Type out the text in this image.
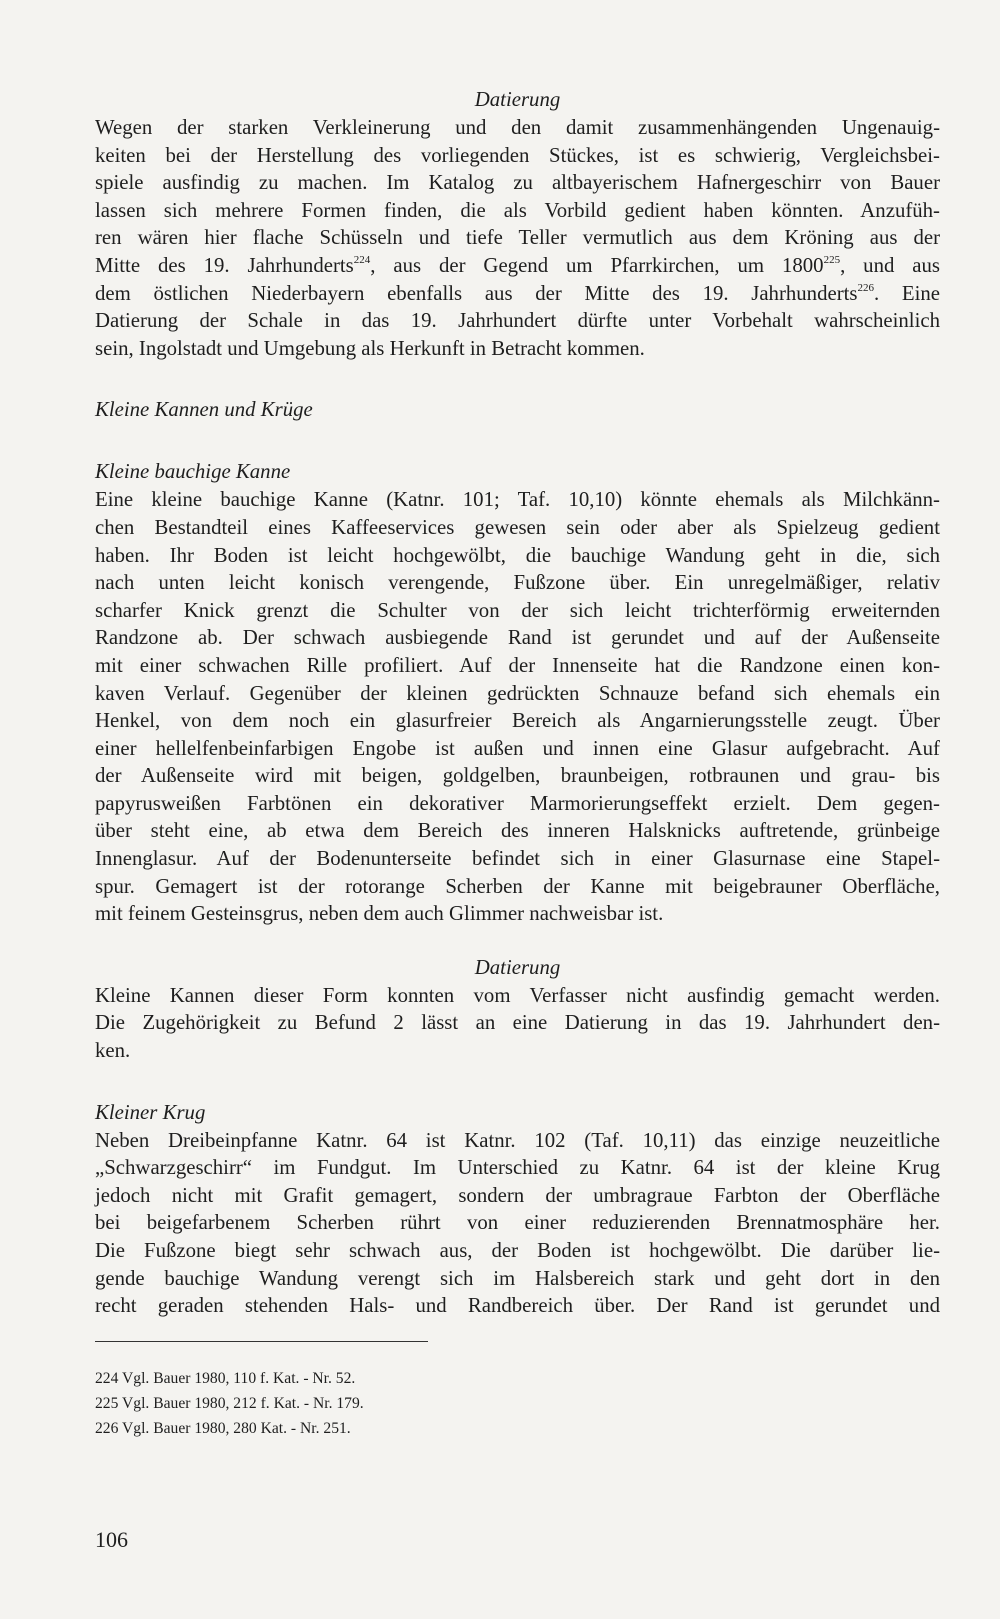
Datierung

Wegen der starken Verkleinerung und den damit zusammenhängenden Ungenauig-
keiten bei der Herstellung des vorliegenden Stückes, ist es schwierig, Vergleichsbei-
spiele ausfindig zu machen. Im Katalog zu altbayerischem Hafnergeschirr von Bauer
lassen sich mehrere Formen finden, die als Vorbild gedient haben könnten. Anzufüh-
ren wären hier flache Schüsseln und tiefe Teller vermutlich aus dem Kröning aus der
Mitte des 19. Jahrhunderts$^{224}$, aus der Gegend um Pfarrkirchen, um 1800$^{225}$, und aus
dem östlichen Niederbayern ebenfalls aus der Mitte des 19. Jahrhunderts$^{226}$. Eine
Datierung der Schale in das 19. Jahrhundert dürfte unter Vorbehalt wahrscheinlich
sein, Ingolstadt und Umgebung als Herkunft in Betracht kommen.

Kleine Kannen und Krüge

Kleine bauchige Kanne

Eine kleine bauchige Kanne (Katnr. 101; Taf. 10,10) könnte ehemals als Milchkänn-
chen Bestandteil eines Kaffeeservices gewesen sein oder aber als Spielzeug gedient
haben. Ihr Boden ist leicht hochgewölbt, die bauchige Wandung geht in die, sich
nach unten leicht konisch verengende, Fußzone über. Ein unregelmäßiger, relativ
scharfer Knick grenzt die Schulter von der sich leicht trichterförmig erweiternden
Randzone ab. Der schwach ausbiegende Rand ist gerundet und auf der Außenseite
mit einer schwachen Rille profiliert. Auf der Innenseite hat die Randzone einen kon-
kaven Verlauf. Gegenüber der kleinen gedrückten Schnauze befand sich ehemals ein
Henkel, von dem noch ein glasurfreier Bereich als Angarnierungsstelle zeugt. Über
einer hellelfenbeinfarbigen Engobe ist außen und innen eine Glasur aufgebracht. Auf
der Außenseite wird mit beigen, goldgelben, braunbeigen, rotbraunen und grau- bis
papyrusweißen Farbtönen ein dekorativer Marmorierungseffekt erzielt. Dem gegen-
über steht eine, ab etwa dem Bereich des inneren Halsknicks auftretende, grünbeige
Innenglasur. Auf der Bodenunterseite befindet sich in einer Glasurnase eine Stapel-
spur. Gemagert ist der rotorange Scherben der Kanne mit beigebrauner Oberfläche,
mit feinem Gesteinsgrus, neben dem auch Glimmer nachweisbar ist.

Datierung

Kleine Kannen dieser Form konnten vom Verfasser nicht ausfindig gemacht werden.
Die Zugehörigkeit zu Befund 2 lässt an eine Datierung in das 19. Jahrhundert den-
ken.

Kleiner Krug

Neben Dreibeinpfanne Katnr. 64 ist Katnr. 102 (Taf. 10,11) das einzige neuzeitliche
„Schwarzgeschirr“ im Fundgut. Im Unterschied zu Katnr. 64 ist der kleine Krug
jedoch nicht mit Grafit gemagert, sondern der umbragraue Farbton der Oberfläche
bei beigefarbenem Scherben rührt von einer reduzierenden Brennatmosphäre her.
Die Fußzone biegt sehr schwach aus, der Boden ist hochgewölbt. Die darüber lie-
gende bauchige Wandung verengt sich im Halsbereich stark und geht dort in den
recht geraden stehenden Hals- und Randbereich über. Der Rand ist gerundet und

224 Vgl. Bauer 1980, 110 f. Kat. - Nr. 52.

225 Vgl. Bauer 1980, 212 f. Kat. - Nr. 179.

226 Vgl. Bauer 1980, 280 Kat. - Nr. 251.

106
